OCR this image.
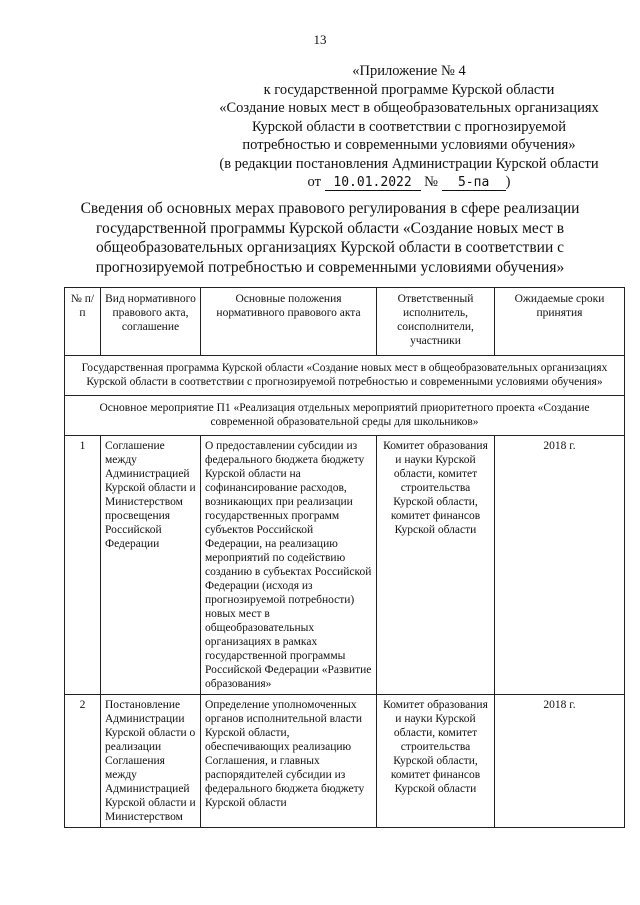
13
«Приложение № 4
к государственной программе Курской области
«Создание новых мест в общеобразовательных организациях
Курской области в соответствии с прогнозируемой
потребностью и современными условиями обучения»
(в редакции постановления Администрации Курской области
от 10.01.2022 № 5-па )
Сведения об основных мерах правового регулирования в сфере реализации
государственной программы Курской области «Создание новых мест в
общеобразовательных организациях Курской области в соответствии с
прогнозируемой потребностью и современными условиями обучения»
№ п/п	Вид нормативного правового акта, соглашение	Основные положения нормативного правового акта	Ответственный исполнитель, соисполнители, участники	Ожидаемые сроки принятия
Государственная программа Курской области «Создание новых мест в общеобразовательных организациях Курской области в соответствии с прогнозируемой потребностью и современными условиями обучения»				
Основное мероприятие П1 «Реализация отдельных мероприятий приоритетного проекта «Создание современной образовательной среды для школьников»				
1	Соглашение между Администрацией Курской области и Министерством просвещения Российской Федерации	О предоставлении субсидии из федерального бюджета бюджету Курской области на софинансирование расходов, возникающих при реализации государственных программ субъектов Российской Федерации, на реализацию мероприятий по содействию созданию в субъектах Российской Федерации (исходя из прогнозируемой потребности) новых мест в общеобразовательных организациях в рамках государственной программы Российской Федерации «Развитие образования»	Комитет образования и науки Курской области, комитет строительства Курской области, комитет финансов Курской области	2018 г.
2	Постановление Администрации Курской области о реализации Соглашения между Администрацией Курской области и Министерством	Определение уполномоченных органов исполнительной власти Курской области, обеспечивающих реализацию Соглашения, и главных распорядителей субсидии из федерального бюджета бюджету Курской области	Комитет образования и науки Курской области, комитет строительства Курской области, комитет финансов Курской области	2018 г.
